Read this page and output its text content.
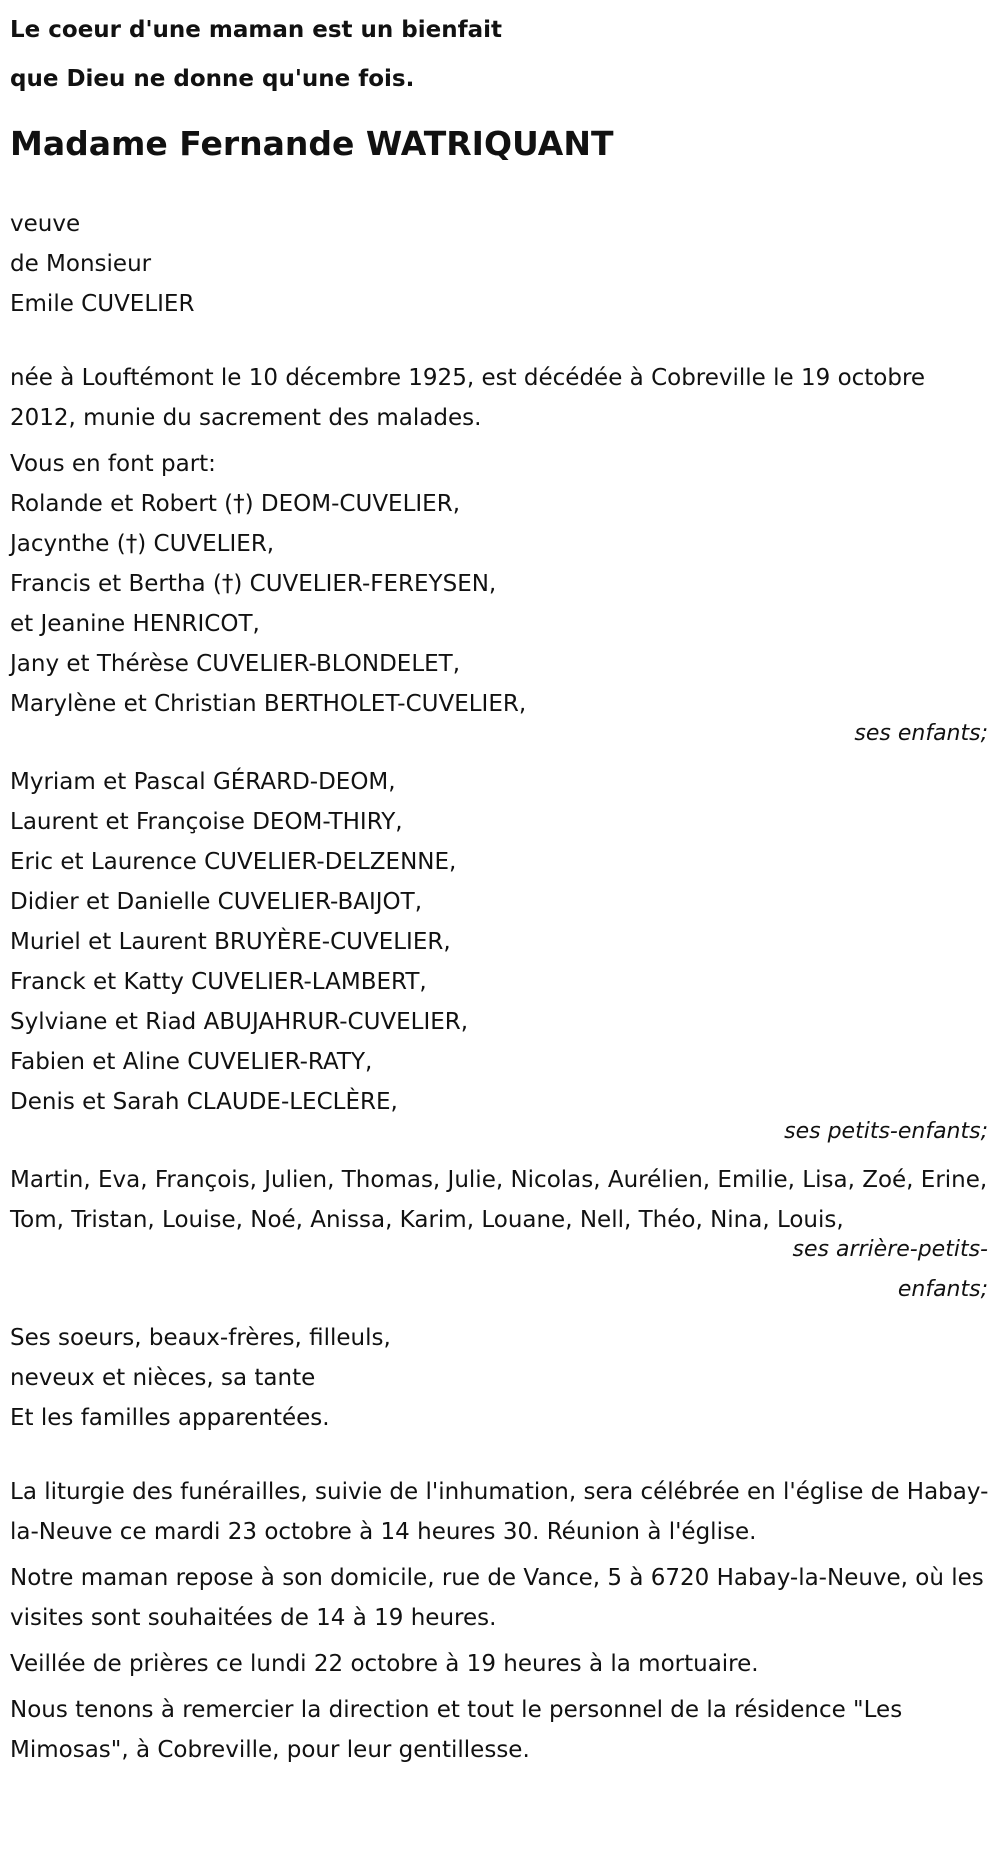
Le coeur d'une maman est un bienfait

que Dieu ne donne qu'une fois.

Madame Fernande WATRIQUANT

veuve

de Monsieur

Emile CUVELIER

née à Louftémont le 10 décembre 1925, est décédée à Cobreville le 19 octobre 2012, munie du sacrement des malades.

Vous en font part:

Rolande et Robert (†) DEOM-CUVELIER,

Jacynthe (†) CUVELIER,

Francis et Bertha (†) CUVELIER-FEREYSEN,

et Jeanine HENRICOT,

Jany et Thérèse CUVELIER-BLONDELET,

Marylène et Christian BERTHOLET-CUVELIER,

ses enfants;

Myriam et Pascal GÉRARD-DEOM,

Laurent et Françoise DEOM-THIRY,

Eric et Laurence CUVELIER-DELZENNE,

Didier et Danielle CUVELIER-BAIJOT,

Muriel et Laurent BRUYÈRE-CUVELIER,

Franck et Katty CUVELIER-LAMBERT,

Sylviane et Riad ABUJAHRUR-CUVELIER,

Fabien et Aline CUVELIER-RATY,

Denis et Sarah CLAUDE-LECLÈRE,

ses petits-enfants;

Martin, Eva, François, Julien, Thomas, Julie, Nicolas, Aurélien, Emilie, Lisa, Zoé, Erine, Tom, Tristan, Louise, Noé, Anissa, Karim, Louane, Nell, Théo, Nina, Louis,

ses arrière-petits-enfants;

Ses soeurs, beaux-frères, filleuls,

neveux et nièces, sa tante

Et les familles apparentées.

La liturgie des funérailles, suivie de l'inhumation, sera célébrée en l'église de Habay-la-Neuve ce mardi 23 octobre à 14 heures 30. Réunion à l'église.

Notre maman repose à son domicile, rue de Vance, 5 à 6720 Habay-la-Neuve, où les visites sont souhaitées de 14 à 19 heures.

Veillée de prières ce lundi 22 octobre à 19 heures à la mortuaire.

Nous tenons à remercier la direction et tout le personnel de la résidence "Les Mimosas", à Cobreville, pour leur gentillesse.
